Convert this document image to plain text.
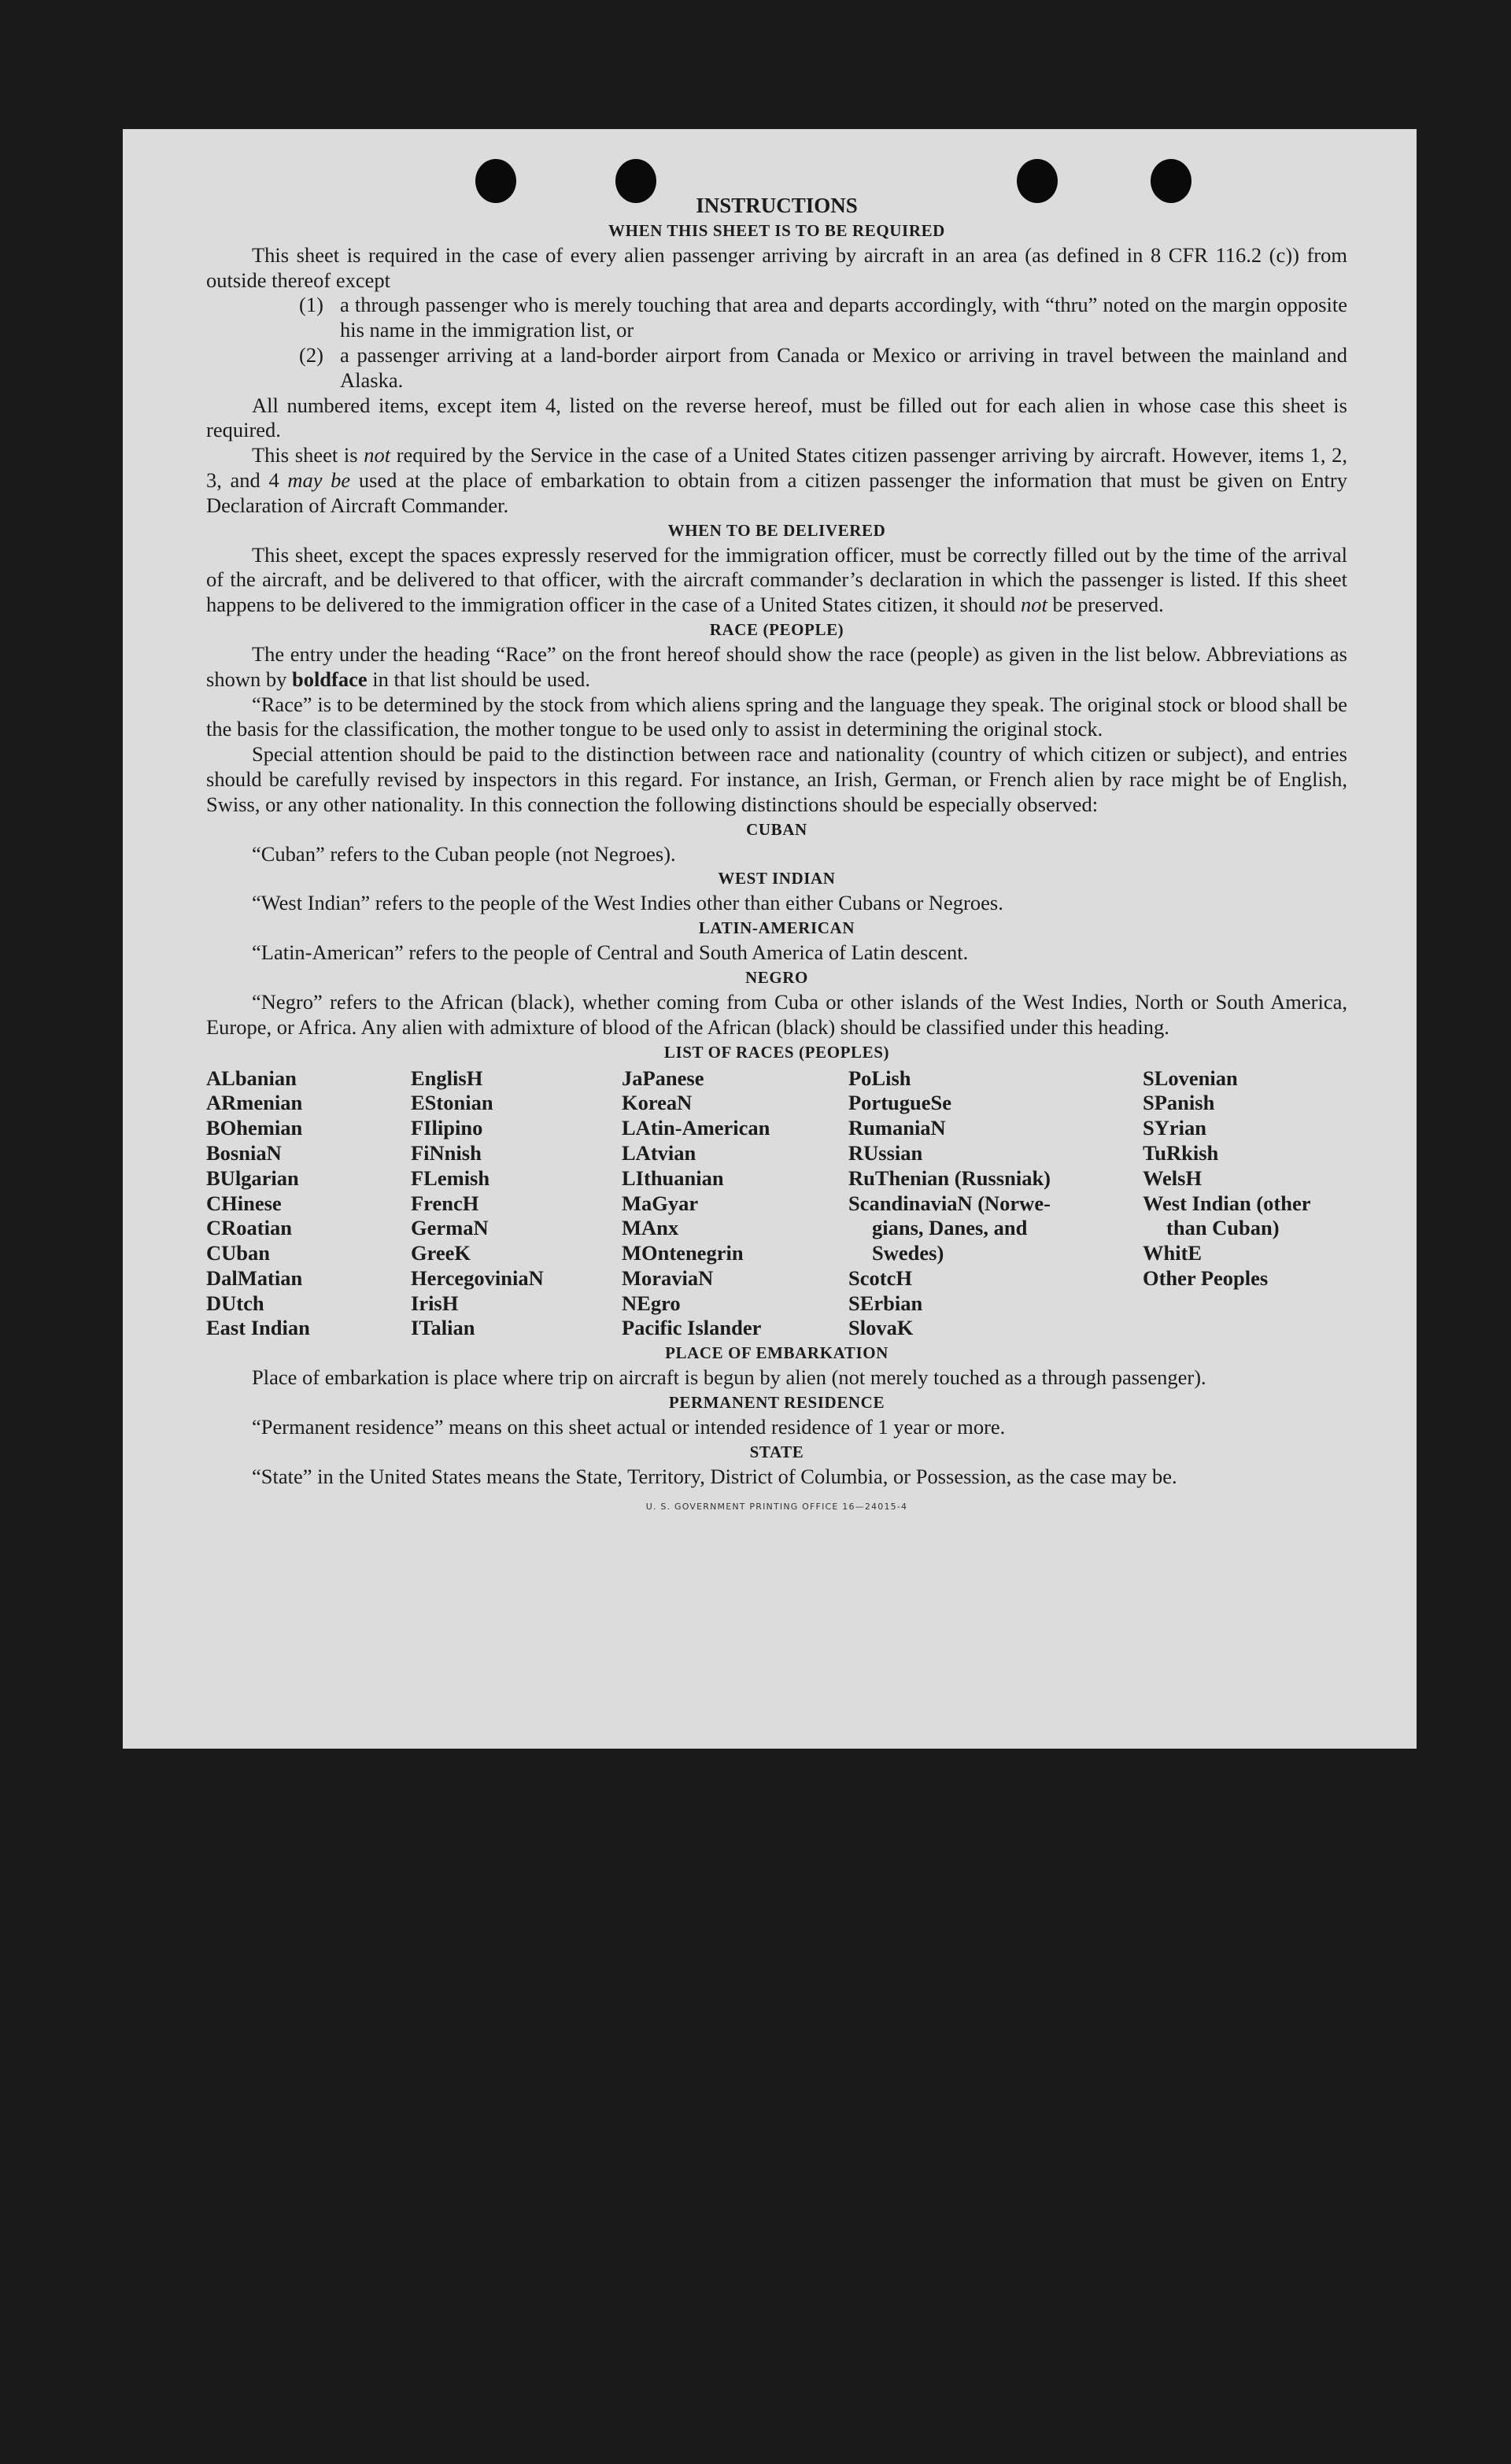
INSTRUCTIONS
WHEN THIS SHEET IS TO BE REQUIRED

This sheet is required in the case of every alien passenger arriving by aircraft in an area (as defined in 8 CFR 116.2 (c)) from outside thereof except

(1) a through passenger who is merely touching that area and departs accordingly, with “thru” noted on the margin opposite his name in the immigration list, or
(2) a passenger arriving at a land-border airport from Canada or Mexico or arriving in travel between the mainland and Alaska.

All numbered items, except item 4, listed on the reverse hereof, must be filled out for each alien in whose case this sheet is required.

This sheet is not required by the Service in the case of a United States citizen passenger arriving by aircraft. However, items 1, 2, 3, and 4 may be used at the place of embarkation to obtain from a citizen passenger the information that must be given on Entry Declaration of Aircraft Commander.

WHEN TO BE DELIVERED

This sheet, except the spaces expressly reserved for the immigration officer, must be correctly filled out by the time of the arrival of the aircraft, and be delivered to that officer, with the aircraft commander’s declaration in which the passenger is listed. If this sheet happens to be delivered to the immigration officer in the case of a United States citizen, it should not be preserved.

RACE (PEOPLE)

The entry under the heading “Race” on the front hereof should show the race (people) as given in the list below. Abbreviations as shown by boldface in that list should be used.

“Race” is to be determined by the stock from which aliens spring and the language they speak. The original stock or blood shall be the basis for the classification, the mother tongue to be used only to assist in determining the original stock.

Special attention should be paid to the distinction between race and nationality (country of which citizen or subject), and entries should be carefully revised by inspectors in this regard. For instance, an Irish, German, or French alien by race might be of English, Swiss, or any other nationality. In this connection the following distinctions should be especially observed:

CUBAN

“Cuban” refers to the Cuban people (not Negroes).

WEST INDIAN

“West Indian” refers to the people of the West Indies other than either Cubans or Negroes.

LATIN-AMERICAN

“Latin-American” refers to the people of Central and South America of Latin descent.

NEGRO

“Negro” refers to the African (black), whether coming from Cuba or other islands of the West Indies, North or South America, Europe, or Africa. Any alien with admixture of blood of the African (black) should be classified under this heading.

LIST OF RACES (PEOPLES)
ALbanian
ARmenian
BOhemian
BosniaN
BUlgarian
CHinese
CRoatian
CUban
DalMatian
DUtch
East Indian
EnglisH
EStonian
FIlipino
FiNnish
FLemish
FrencH
GermaN
GreeK
HercegoviniaN
IrisH
ITalian
JaPanese
KoreaN
LAtin-American
LAtvian
LIthuanian
MaGyar
MAnx
MOntenegrin
MoraviaN
NEgro
Pacific Islander
PoLish
PortugueSe
RumaniaN
RUssian
RuThenian (Russniak)
ScandinaviaN (Norwe-
gians, Danes, and
Swedes)
ScotcH
SErbian
SlovaK
SLovenian
SPanish
SYrian
TuRkish
WelsH
West Indian (other
than Cuban)
WhitE
Other Peoples
PLACE OF EMBARKATION

Place of embarkation is place where trip on aircraft is begun by alien (not merely touched as a through passenger).

PERMANENT RESIDENCE

“Permanent residence” means on this sheet actual or intended residence of 1 year or more.

STATE

“State” in the United States means the State, Territory, District of Columbia, or Possession, as the case may be.

U. S. GOVERNMENT PRINTING OFFICE 16—24015-4
